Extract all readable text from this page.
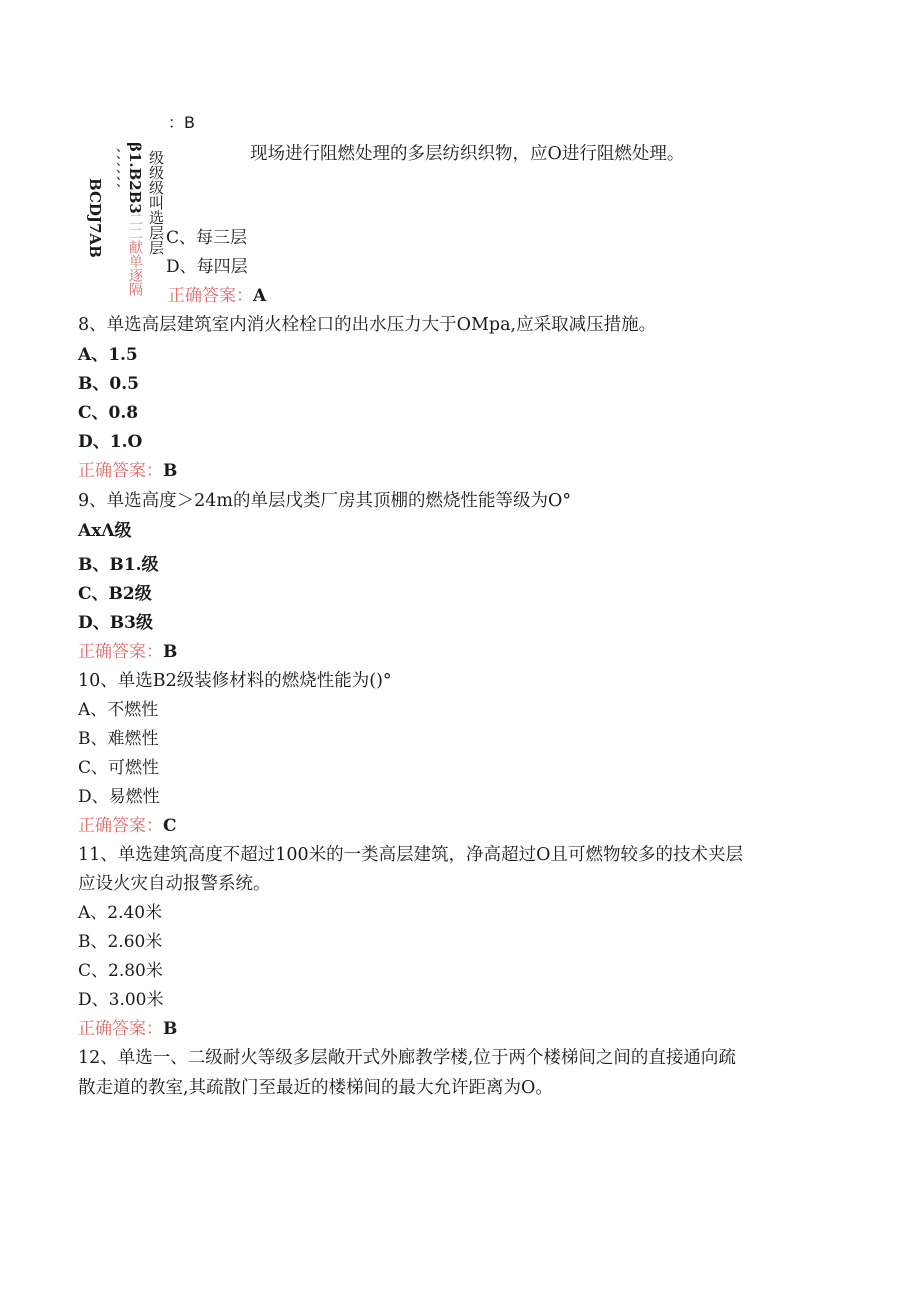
：B
现场进行阻燃处理的多层纺织织物，应O进行阻燃处理。
、、、、、、 β1.B2B3
BCDJ7AB 二二献单逐隔 级级级叫选层层 C、每三层
D、每四层
正确答案：A
8、单选高层建筑室内消火栓栓口的出水压力大于OMpa,应采取减压措施。
A、1.5
B、0.5
C、0.8
D、1.O
正确答案：B
9、单选高度＞24m的单层戊类厂房其顶棚的燃烧性能等级为O°
AxΛ级
B、B1.级
C、B2级
D、B3级
正确答案：B
10、单选B2级装修材料的燃烧性能为()°
A、不燃性
B、难燃性
C、可燃性
D、易燃性
正确答案：C
11、单选建筑高度不超过100米的一类高层建筑，净高超过O且可燃物较多的技术夹层
应设火灾自动报警系统。
A、2.40米
B、2.60米
C、2.80米
D、3.00米
正确答案：B
12、单选一、二级耐火等级多层敞开式外廊教学楼,位于两个楼梯间之间的直接通向疏
散走道的教室,其疏散门至最近的楼梯间的最大允许距离为O。
